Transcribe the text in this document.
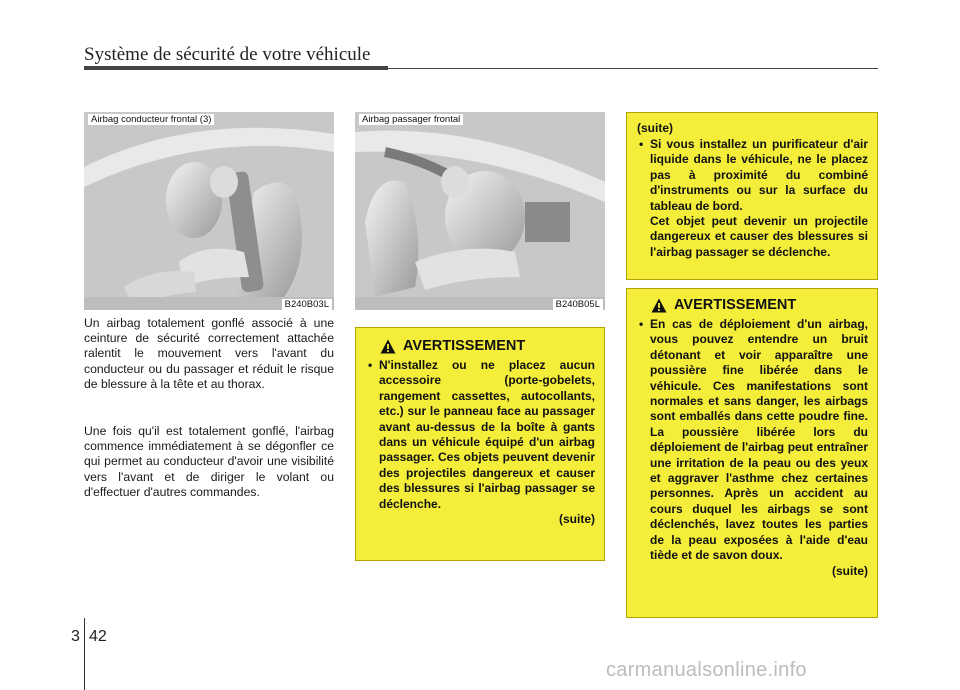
Système de sécurité de votre véhicule
Airbag conducteur frontal (3)
B240B03L
Airbag passager frontal
B240B05L

Un airbag totalement gonflé associé à une ceinture de sécurité correctement attachée ralentit le mouvement vers l'avant du conducteur ou du passager et réduit le risque de blessure à la tête et au thorax.

Une fois qu'il est totalement gonflé, l'airbag commence immédiatement à se dégonfler ce qui permet au conducteur d'avoir une visibilité vers l'avant et de diriger le volant ou d'effectuer d'autres commandes.

AVERTISSEMENT

• N'installez ou ne placez aucun accessoire (porte-gobelets, rangement cassettes, autocollants, etc.) sur le panneau face au passager avant au-dessus de la boîte à gants dans un véhicule équipé d'un airbag passager. Ces objets peuvent devenir des projectiles dangereux et causer des blessures si l'airbag passager se déclenche.

(suite)

(suite)

• Si vous installez un purificateur d'air liquide dans le véhicule, ne le placez pas à proximité du combiné d'instruments ou sur la surface du tableau de bord.

Cet objet peut devenir un projectile dangereux et causer des blessures si l'airbag passager se déclenche.

AVERTISSEMENT

• En cas de déploiement d'un airbag, vous pouvez entendre un bruit détonant et voir apparaître une poussière fine libérée dans le véhicule. Ces manifestations sont normales et sans danger, les airbags sont emballés dans cette poudre fine. La poussière libérée lors du déploiement de l'airbag peut entraîner une irritation de la peau ou des yeux et aggraver l'asthme chez certaines personnes. Après un accident au cours duquel les airbags se sont déclenchés, lavez toutes les parties de la peau exposées à l'aide d'eau tiède et de savon doux.

(suite)

3 42
carmanualsonline.info
